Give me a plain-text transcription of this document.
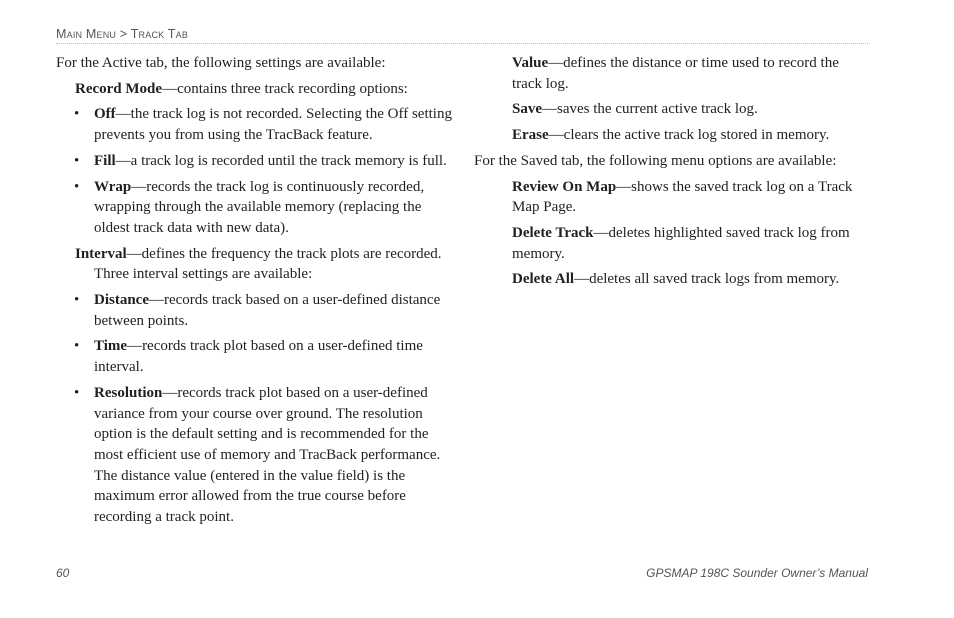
Main Menu > Track Tab

For the Active tab, the following settings are available:

Record Mode—contains three track recording options:

• Off—the track log is not recorded. Selecting the Off setting prevents you from using the TracBack feature.
• Fill—a track log is recorded until the track memory is full.
• Wrap—records the track log is continuously recorded, wrapping through the available memory (replacing the oldest track data with new data).

Interval—defines the frequency the track plots are recorded. Three interval settings are available:

• Distance—records track based on a user-defined distance between points.
• Time—records track plot based on a user-defined time interval.
• Resolution—records track plot based on a user-defined variance from your course over ground. The resolution option is the default setting and is recommended for the most efficient use of memory and TracBack performance. The distance value (entered in the value field) is the maximum error allowed from the true course before recording a track point.

Value—defines the distance or time used to record the track log.

Save—saves the current active track log.

Erase—clears the active track log stored in memory.

For the Saved tab, the following menu options are available:

Review On Map—shows the saved track log on a Track Map Page.

Delete Track—deletes highlighted saved track log from memory.

Delete All—deletes all saved track logs from memory.

60	GPSMAP 198C Sounder Owner’s Manual
